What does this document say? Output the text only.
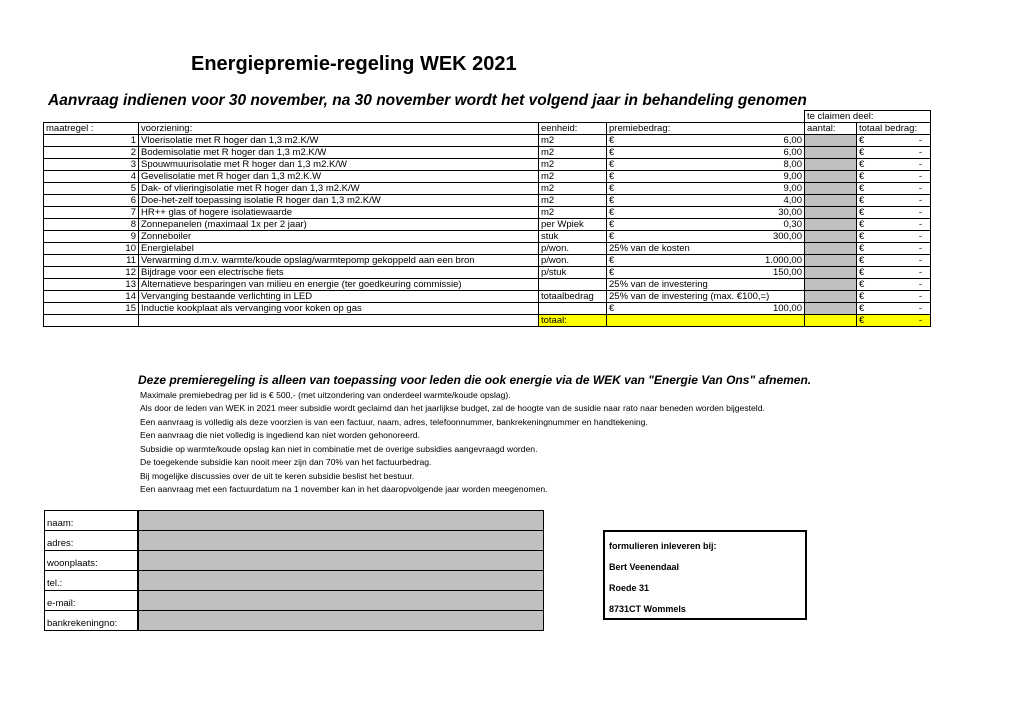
Energiepremie-regeling WEK 2021
Aanvraag indienen voor 30 november, na 30 november wordt het volgend jaar in behandeling genomen
				te claimen deel:	
maatregel :	voorziening:	eenheid:	premiebedrag:	aantal:	totaal bedrag:
1	Vloerisolatie met R hoger dan 1,3 m2.K/W	m2	€ 6,00		€ -

2	Bodemisolatie met R hoger dan 1,3 m2.K/W	m2	€ 6,00		€ -

3	Spouwmuurisolatie met R hoger dan 1,3 m2.K/W	m2	€ 8,00		€ -

4	Gevelisolatie met R hoger dan 1,3 m2.K.W	m2	€ 9,00		€ -

5	Dak- of vlieringisolatie met R hoger dan 1,3 m2.K/W	m2	€ 9,00		€ -

6	Doe-het-zelf toepassing isolatie R hoger dan 1,3 m2.K/W	m2	€ 4,00		€ -

7	HR++ glas of hogere isolatiewaarde	m2	€ 30,00		€ -

8	Zonnepanelen (maximaal 1x per 2 jaar)	per Wpiek	€ 0,30		€ -

9	Zonneboiler	stuk	€ 300,00		€ -

10	Energielabel	p/won.	25% van de kosten		€ -

11	Verwarming d.m.v. warmte/koude opslag/warmtepomp gekoppeld aan een bron	p/won.	€ 1.000,00		€ -

12	Bijdrage voor een electrische fiets	p/stuk	€ 150,00		€ -

13	Alternatieve besparingen van milieu en energie (ter goedkeuring commissie)		25% van de investering		€ -

14	Vervanging bestaande verlichting in LED	totaalbedrag	25% van de investering (max. €100,=)		€ -

15	Inductie kookplaat als vervanging voor koken op gas		€ 100,00		€ -

		totaal:			€ -
Deze premieregeling is alleen van toepassing voor leden die ook energie via de WEK van "Energie Van Ons" afnemen.
Maximale premiebedrag per lid is € 500,- (met uitzondering van onderdeel warmte/koude opslag).
Als door de leden van WEK in 2021 meer subsidie wordt geclaimd dan het jaarlijkse budget, zal de hoogte van de susidie naar rato naar beneden worden bijgesteld.
Een aanvraag is volledig als deze voorzien is van een factuur, naam, adres, telefoonnummer, bankrekeningnummer en handtekening.
Een aanvraag die niet volledig is ingediend kan niet worden gehonoreerd.
Subsidie op warmte/koude opslag kan niet in combinatie met de overige subsidies aangevraagd worden.
De toegekende subsidie kan nooit meer zijn dan 70% van het factuurbedrag.
Bij mogelijke discussies over de uit te keren subsidie beslist het bestuur.
Een aanvraag met een factuurdatum na 1 november kan in het daaropvolgende jaar worden meegenomen.
naam:	
adres:	
woonplaats:	
tel.:	
e-mail:	
bankrekeningno:	
formulieren inleveren bij:
Bert Veenendaal
Roede 31
8731CT Wommels
